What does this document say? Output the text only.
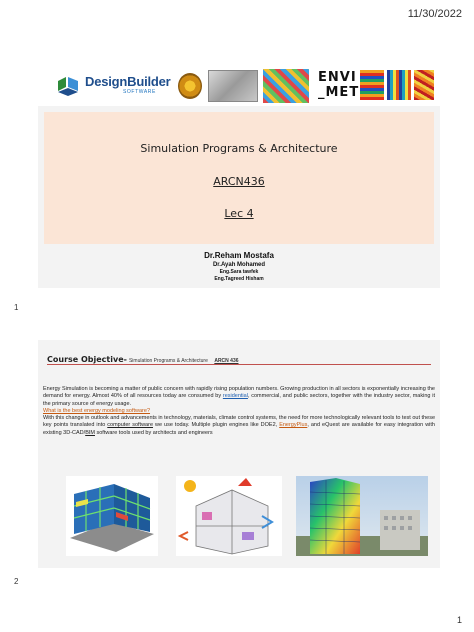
11/30/2022
DesignBuilder
SOFTWARE
ENVI
_MET
Simulation Programs & Architecture
ARCN436
Lec 4
Dr.Reham Mostafa
Dr.Ayah Mohamed
Eng.Sara tawfek
Eng.Tagreed Hisham
1
Course Objective- Simulation Programs & Architecture ARCN 436

Energy Simulation is becoming a matter of public concern with rapidly rising population numbers. Growing production in all sectors is exponentially increasing the demand for energy. Almost 40% of all resources today are consumed by residential, commercial, and public sectors, together with the industry sector, making it the primary source of energy usage.

What is the best energy modeling software?

With this change in outlook and advancements in technology, materials, climate control systems, the need for more technologically relevant tools to test out these key points translated into computer software we use today. Multiple plugin engines like DOE2, EnergyPlus, and eQuest are available for easy integration with existing 3D-CAD/BIM software tools used by architects and engineers

2
1
